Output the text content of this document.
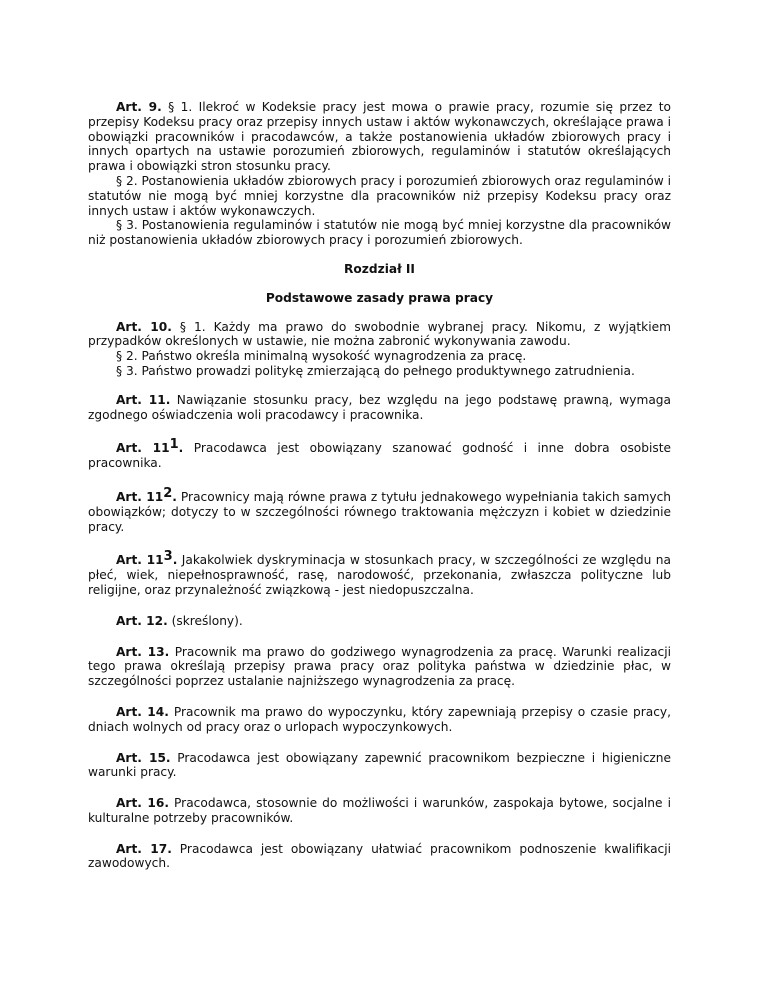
Art. 9. § 1. Ilekroć w Kodeksie pracy jest mowa o prawie pracy, rozumie się przez to przepisy Kodeksu pracy oraz przepisy innych ustaw i aktów wykonawczych, określające prawa i obowiązki pracowników i pracodawców, a także postanowienia układów zbiorowych pracy i innych opartych na ustawie porozumień zbiorowych, regulaminów i statutów określających prawa i obowiązki stron stosunku pracy.

§ 2. Postanowienia układów zbiorowych pracy i porozumień zbiorowych oraz regulaminów i statutów nie mogą być mniej korzystne dla pracowników niż przepisy Kodeksu pracy oraz innych ustaw i aktów wykonawczych.

§ 3. Postanowienia regulaminów i statutów nie mogą być mniej korzystne dla pracowników niż postanowienia układów zbiorowych pracy i porozumień zbiorowych.

Rozdział II

Podstawowe zasady prawa pracy

Art. 10. § 1. Każdy ma prawo do swobodnie wybranej pracy. Nikomu, z wyjątkiem przypadków określonych w ustawie, nie można zabronić wykonywania zawodu.

§ 2. Państwo określa minimalną wysokość wynagrodzenia za pracę.

§ 3. Państwo prowadzi politykę zmierzającą do pełnego produktywnego zatrudnienia.

Art. 11. Nawiązanie stosunku pracy, bez względu na jego podstawę prawną, wymaga zgodnego oświadczenia woli pracodawcy i pracownika.

Art. $11^1$. Pracodawca jest obowiązany szanować godność i inne dobra osobiste pracownika.

Art. $11^2$. Pracownicy mają równe prawa z tytułu jednakowego wypełniania takich samych obowiązków; dotyczy to w szczególności równego traktowania mężczyzn i kobiet w dziedzinie pracy.

Art. $11^3$. Jakakolwiek dyskryminacja w stosunkach pracy, w szczególności ze względu na płeć, wiek, niepełnosprawność, rasę, narodowość, przekonania, zwłaszcza polityczne lub religijne, oraz przynależność związkową - jest niedopuszczalna.

Art. 12. (skreślony).

Art. 13. Pracownik ma prawo do godziwego wynagrodzenia za pracę. Warunki realizacji tego prawa określają przepisy prawa pracy oraz polityka państwa w dziedzinie płac, w szczególności poprzez ustalanie najniższego wynagrodzenia za pracę.

Art. 14. Pracownik ma prawo do wypoczynku, który zapewniają przepisy o czasie pracy, dniach wolnych od pracy oraz o urlopach wypoczynkowych.

Art. 15. Pracodawca jest obowiązany zapewnić pracownikom bezpieczne i higieniczne warunki pracy.

Art. 16. Pracodawca, stosownie do możliwości i warunków, zaspokaja bytowe, socjalne i kulturalne potrzeby pracowników.

Art. 17. Pracodawca jest obowiązany ułatwiać pracownikom podnoszenie kwalifikacji zawodowych.
